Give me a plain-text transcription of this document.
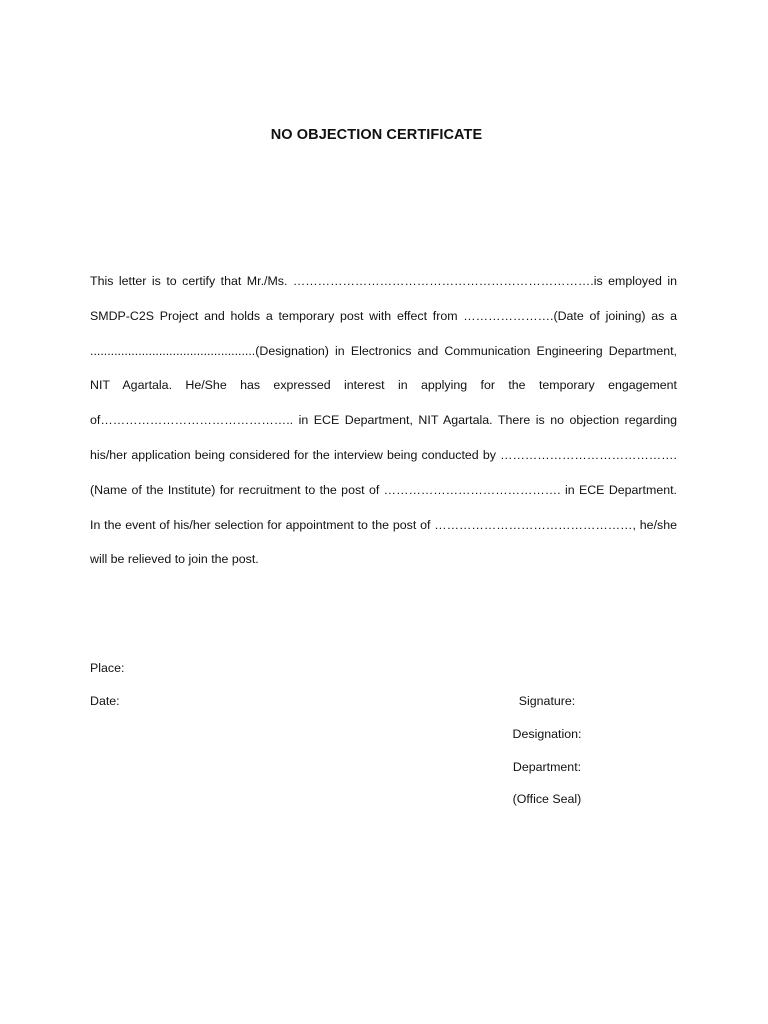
NO OBJECTION CERTIFICATE

This letter is to certify that Mr./Ms. ……………………………………………………………….is employed in SMDP-C2S Project and holds a temporary post with effect from ………………….(Date of joining) as a ................................................(Designation) in Electronics and Communication Engineering Department, NIT Agartala. He/She has expressed interest in applying for the temporary engagement of……………………………………….. in ECE Department, NIT Agartala. There is no objection regarding his/her application being considered for the interview being conducted by ……………………………………. (Name of the Institute) for recruitment to the post of ……………………………………. in ECE Department. In the event of his/her selection for appointment to the post of …………………………………………, he/she will be relieved to join the post.

Place:
Date:	Signature:
Designation:
Department:
(Office Seal)
